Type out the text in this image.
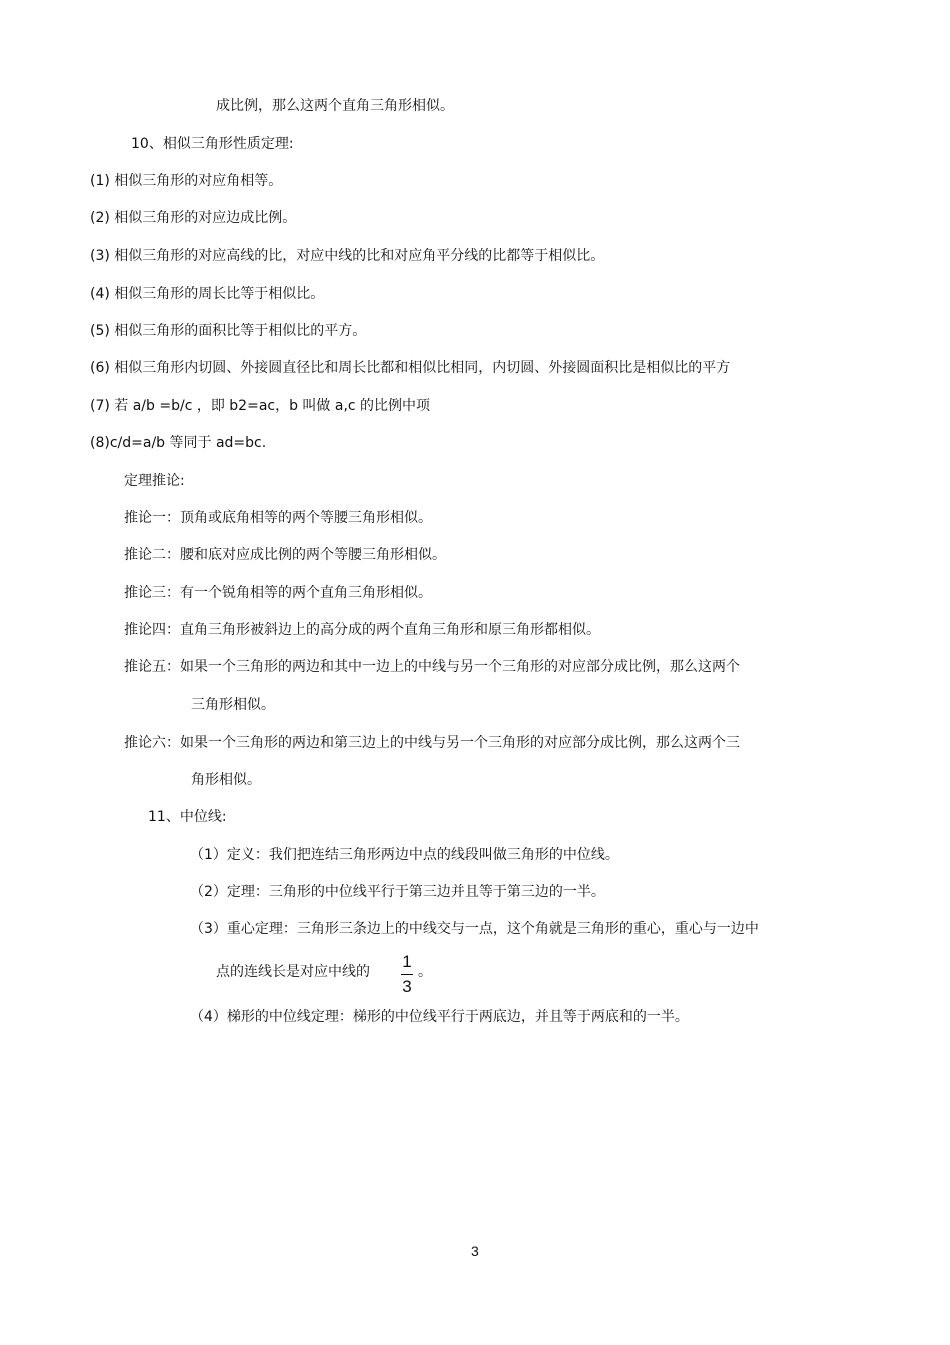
成比例，那么这两个直角三角形相似。
10、相似三角形性质定理:
(1) 相似三角形的对应角相等。
(2) 相似三角形的对应边成比例。
(3) 相似三角形的对应高线的比，对应中线的比和对应角平分线的比都等于相似比。
(4) 相似三角形的周长比等于相似比。
(5) 相似三角形的面积比等于相似比的平方。
(6) 相似三角形内切圆、外接圆直径比和周长比都和相似比相同，内切圆、外接圆面积比是相似比的平方
(7) 若 a/b =b/c ，即 b2=ac，b 叫做 a,c 的比例中项
(8)c/d=a/b 等同于 ad=bc.
定理推论:
推论一：顶角或底角相等的两个等腰三角形相似。
推论二：腰和底对应成比例的两个等腰三角形相似。
推论三：有一个锐角相等的两个直角三角形相似。
推论四：直角三角形被斜边上的高分成的两个直角三角形和原三角形都相似。
推论五：如果一个三角形的两边和其中一边上的中线与另一个三角形的对应部分成比例，那么这两个
三角形相似。
推论六：如果一个三角形的两边和第三边上的中线与另一个三角形的对应部分成比例，那么这两个三
角形相似。
11、中位线:
（1）定义：我们把连结三角形两边中点的线段叫做三角形的中位线。
（2）定理：三角形的中位线平行于第三边并且等于第三边的一半。
（3）重心定理：三角形三条边上的中线交与一点，这个角就是三角形的重心，重心与一边中
点的连线长是对应中线的
1
3
。
（4）梯形的中位线定理：梯形的中位线平行于两底边，并且等于两底和的一半。
3
